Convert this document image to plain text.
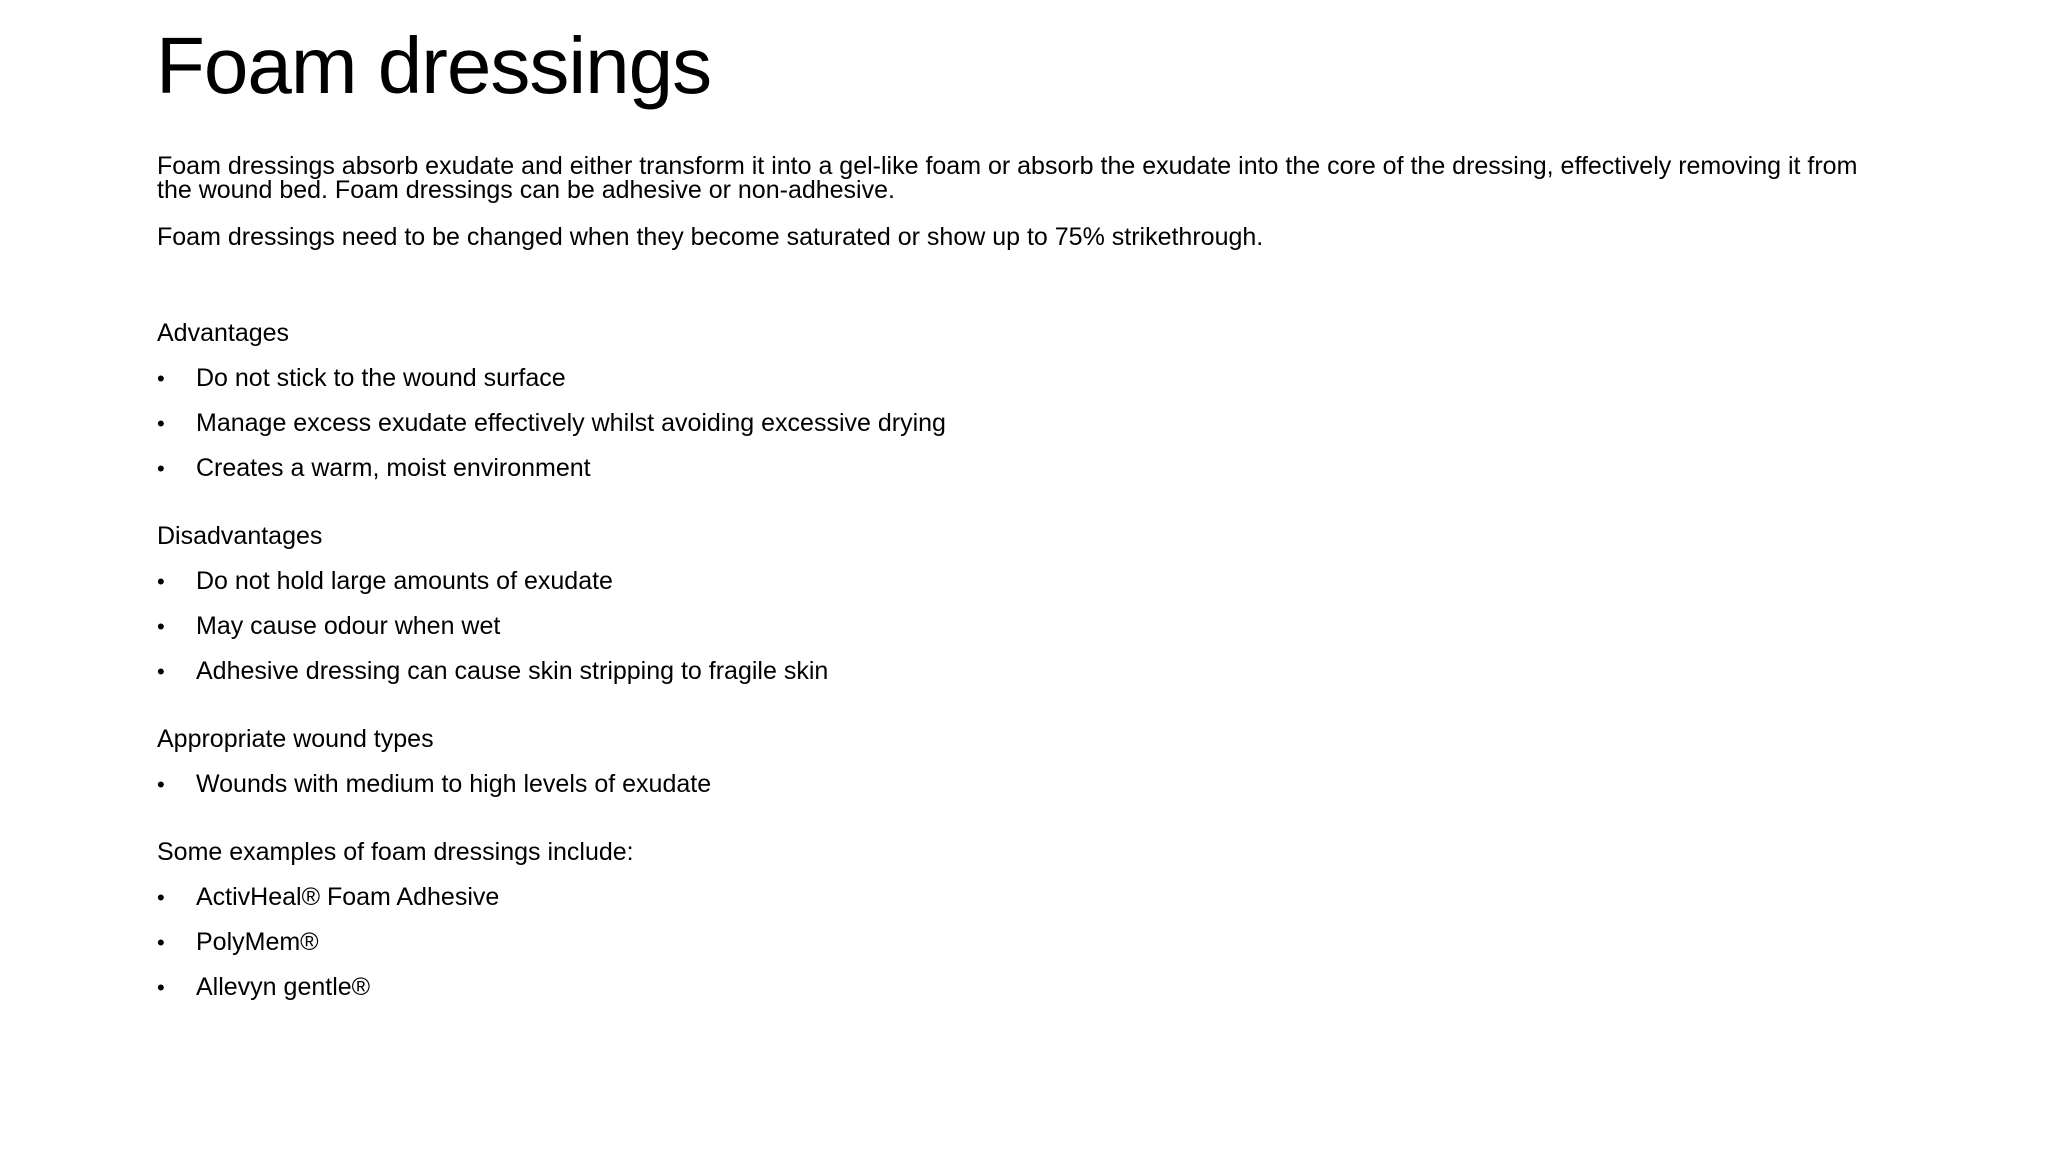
Foam dressings

Foam dressings absorb exudate and either transform it into a gel-like foam or absorb the exudate into the core of the dressing, effectively removing it from the wound bed. Foam dressings can be adhesive or non-adhesive.

Foam dressings need to be changed when they become saturated or show up to 75% strikethrough.

Advantages

•	Do not stick to the wound surface
•	Manage excess exudate effectively whilst avoiding excessive drying
•	Creates a warm, moist environment

Disadvantages

•	Do not hold large amounts of exudate
•	May cause odour when wet
•	Adhesive dressing can cause skin stripping to fragile skin

Appropriate wound types

•	Wounds with medium to high levels of exudate

Some examples of foam dressings include:

•	ActivHeal® Foam Adhesive
•	PolyMem®
•	Allevyn gentle®
